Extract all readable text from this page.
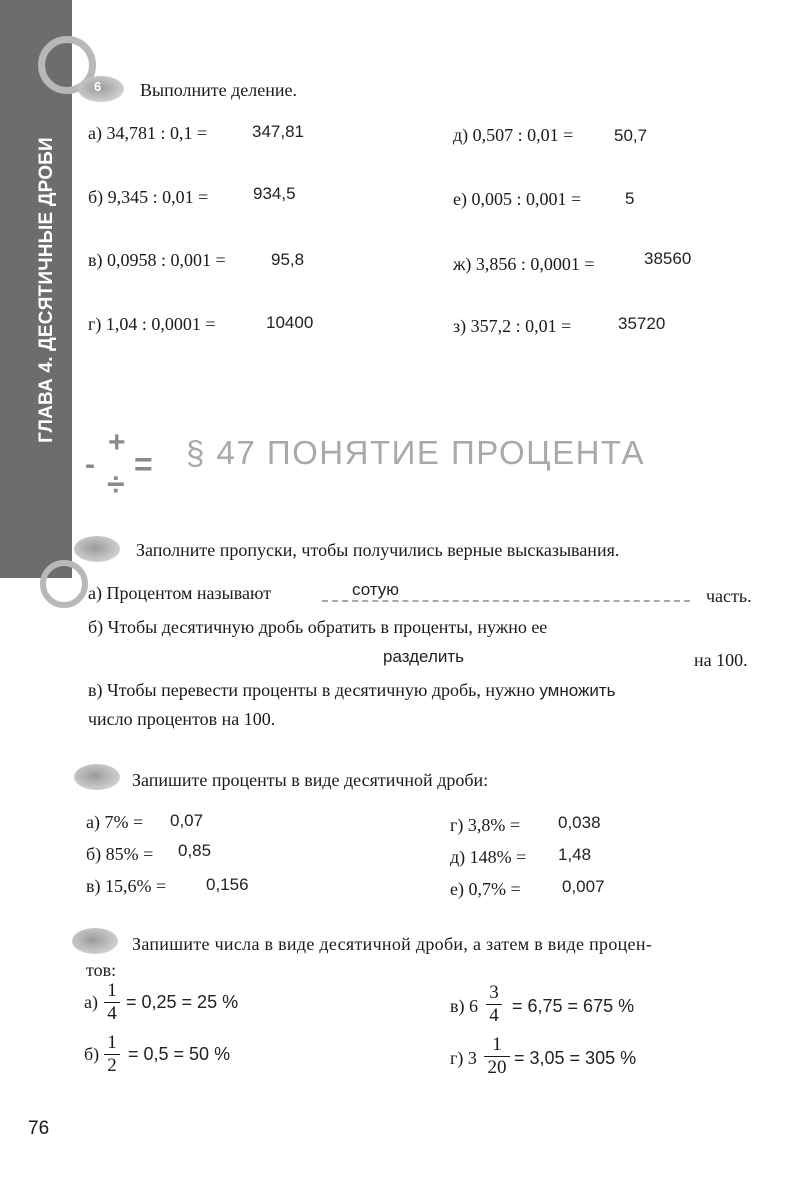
ГЛАВА 4. ДЕСЯТИЧНЫЕ ДРОБИ
6 Выполните деление.
а) 34,781 : 0,1 =	347,81
б) 9,345 : 0,01 =	934,5
в) 0,0958 : 0,001 =	95,8
г) 1,04 : 0,0001 =	10400
д) 0,507 : 0,01 = 50,7
е) 0,005 : 0,001 =	5
ж) 3,856 : 0,0001 =	38560
з) 357,2 : 0,01 =	35720
-
+
=
÷
§ 47 ПОНЯТИЕ ПРОЦЕНТА
Заполните пропуски, чтобы получились верные высказывания.
а) Процентом называют	сотую	часть.
б) Чтобы десятичную дробь обратить в проценты, нужно ее
разделить	на 100.
в) Чтобы перевести проценты в десятичную дробь, нужно умножить
число процентов на 100.
Запишите проценты в виде десятичной дроби:
а) 7% = 0,07
б) 85% = 0,85
в) 15,6% = 0,156
г) 3,8% = 0,038
д) 148% = 1,48
е) 0,7% = 0,007
Запишите числа в виде десятичной дроби, а затем в виде процен-
тов:
а)
1
4
= 0,25 = 25 %
б)
1
2
= 0,5 = 50 %
в) 6
3
4 = 6,75 = 675 %
г) 3
1
20 = 3,05 = 305 %
76
